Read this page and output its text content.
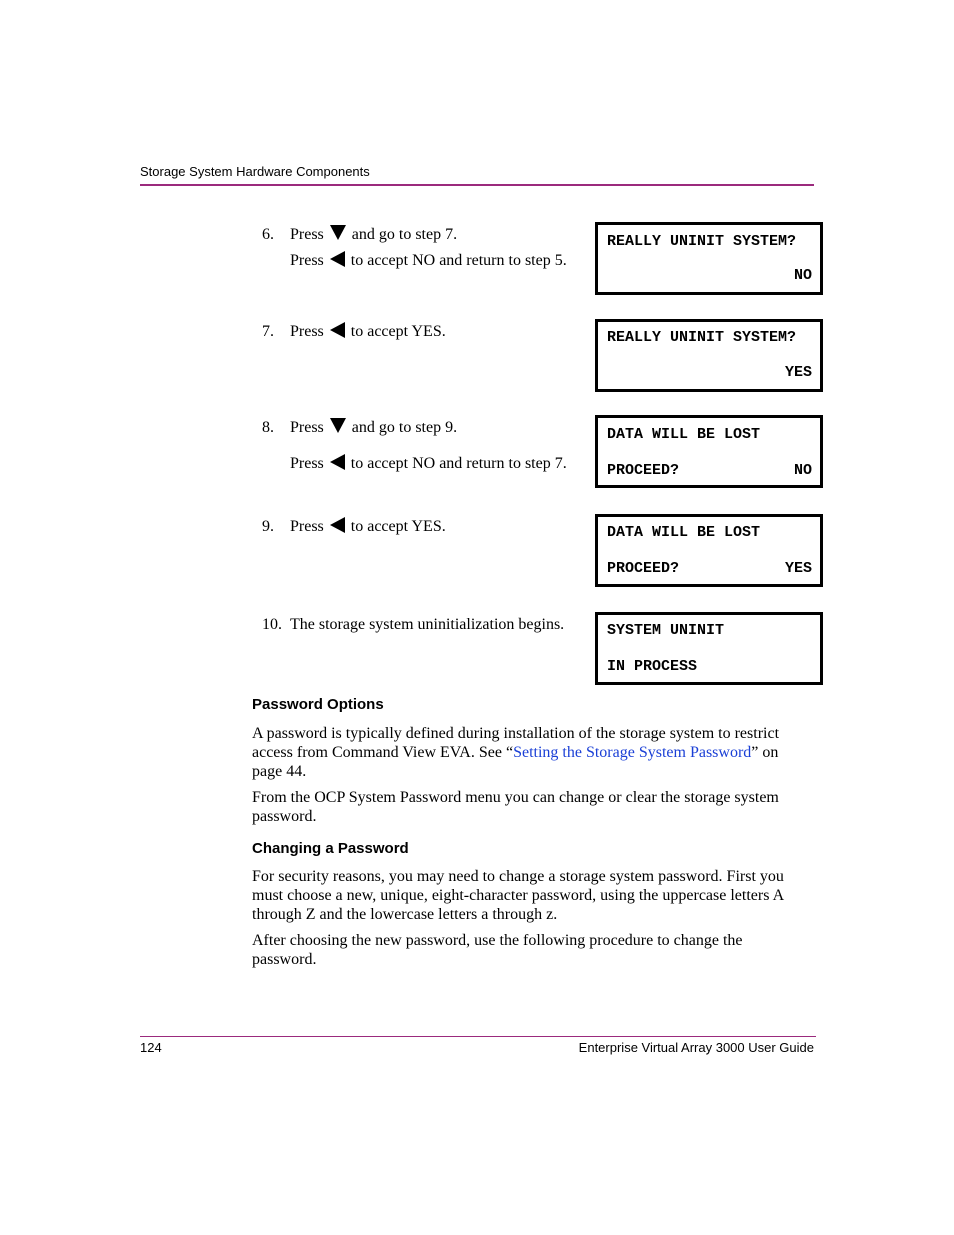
Storage System Hardware Components
6. Press and go to step 7.
Press to accept NO and return to step 5.
7. Press to accept YES.
8. Press and go to step 9.
Press to accept NO and return to step 7.
9. Press to accept YES.
10. The storage system uninitialization begins.
REALLY UNINIT SYSTEM?
NO
REALLY UNINIT SYSTEM?
YES
DATA WILL BE LOST
PROCEED?	NO
DATA WILL BE LOST
PROCEED?	YES
SYSTEM UNINIT
IN PROCESS
Password Options
A password is typically defined during installation of the storage system to restrict access from Command View EVA. See “Setting the Storage System Password” on page 44.
From the OCP System Password menu you can change or clear the storage system password.
Changing a Password
For security reasons, you may need to change a storage system password. First you must choose a new, unique, eight-character password, using the uppercase letters A through Z and the lowercase letters a through z.
After choosing the new password, use the following procedure to change the password.
124	Enterprise Virtual Array 3000 User Guide
